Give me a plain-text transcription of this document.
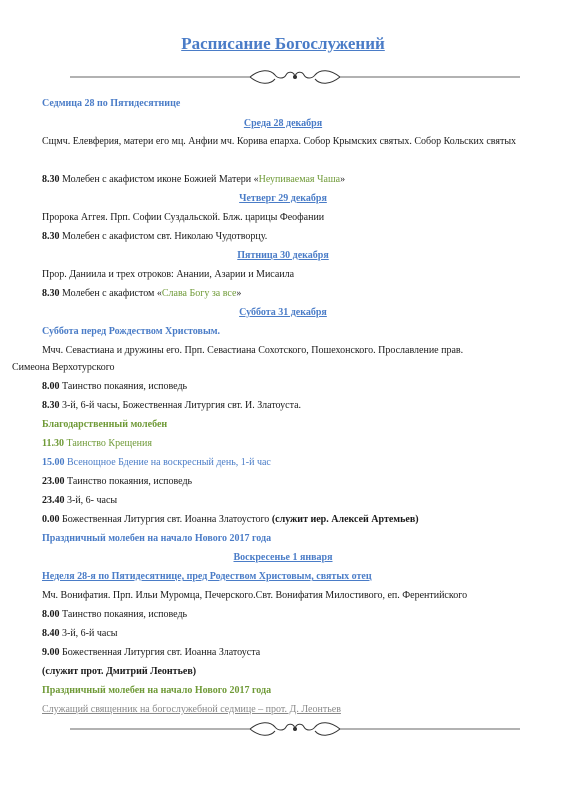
Расписание Богослужений
Седмица 28 по Пятидесятнице
Среда 28 декабря
Сщмч. Елевферия, матери его мц. Анфии мч. Корива епарха. Собор Крымских святых. Собор Кольских святых
8.30 Молебен с акафистом иконе Божией Матери «Неупиваемая Чаша»
Четверг 29 декабря
Пророка Аггея. Прп. Софии Суздальской. Блж. царицы Феофании
8.30 Молебен с акафистом свт. Николаю Чудотворцу.
Пятница 30 декабря
Прор. Даниила и трех отроков: Анании, Азарии и Мисаила
8.30 Молебен с акафистом «Слава Богу за все»
Суббота 31 декабря
Суббота перед Рождеством Христовым.
Мчч. Севастиана и дружины его. Прп. Севастиана Сохотского, Пошехонского. Прославление прав.
Симеона Верхотурского
8.00 Таинство покаяния, исповедь
8.30 3-й, 6-й часы, Божественная Литургия свт. И. Златоуста.
Благодарственный молебен
11.30 Таинство Крещения
15.00 Всенощное Бдение на воскресный день, 1-й час
23.00 Таинство покаяния, исповедь
23.40 3-й, 6- часы
0.00 Божественная Литургия свт. Иоанна Златоустого (служит иер. Алексей Артемьев)
Праздничный молебен на начало Нового 2017 года
Воскресенье 1 января
Неделя 28-я по Пятидесятнице, пред Родеством Христовым, святых отец
Мч. Вонифатия. Прп. Ильи Муромца, Печерского.Свт. Вонифатия Милостивого, еп. Ферентийского
8.00 Таинство покаяния, исповедь
8.40 3-й, 6-й часы
9.00 Божественная Литургия свт. Иоанна Златоуста
(служит прот. Дмитрий Леонтьев)
Праздничный молебен на начало Нового 2017 года
Служащий священник на богослужебной седмице – прот. Д. Леонтьев
